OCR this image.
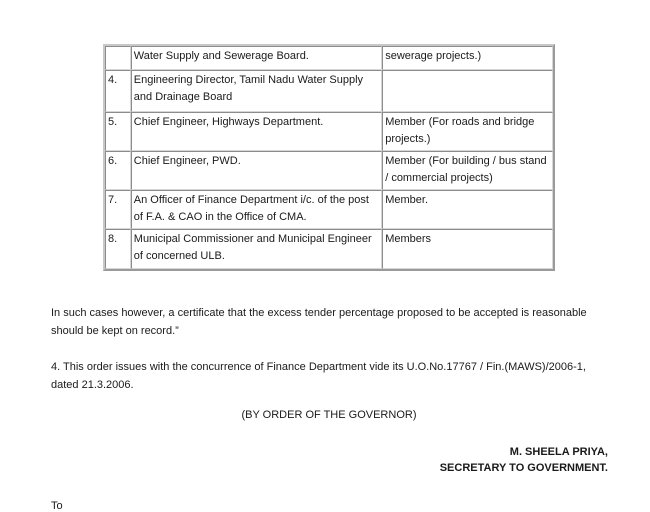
	Water Supply and Sewerage Board.	sewerage projects.)
4.	Engineering Director, Tamil Nadu Water Supply and Drainage Board	
5.	Chief Engineer, Highways Department.	Member (For roads and bridge projects.)
6.	Chief Engineer, PWD.	Member (For building / bus stand / commercial projects)
7.	An Officer of Finance Department i/c. of the post of F.A. & CAO in the Office of CMA.	Member.
8.	Municipal Commissioner and Municipal Engineer of concerned ULB.	Members

In such cases however, a certificate that the excess tender percentage proposed to be accepted is reasonable should be kept on record.”

4. This order issues with the concurrence of Finance Department vide its U.O.No.17767 / Fin.(MAWS)/2006-1, dated 21.3.2006.

(BY ORDER OF THE GOVERNOR)
M. SHEELA PRIYA,
SECRETARY TO GOVERNMENT.
To
